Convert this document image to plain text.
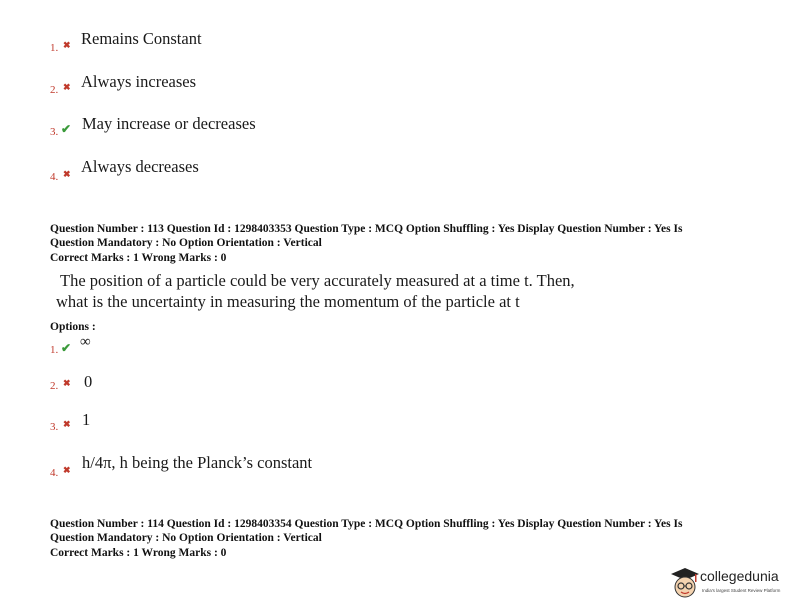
1. ✖ Remains Constant
2. ✖ Always increases
3. ✔ May increase or decreases
4. ✖ Always decreases
Question Number : 113 Question Id : 1298403353 Question Type : MCQ Option Shuffling : Yes Display Question Number : Yes Is
Question Mandatory : No Option Orientation : Vertical
Correct Marks : 1 Wrong Marks : 0
The position of a particle could be very accurately measured at a time t. Then,
what is the uncertainty in measuring the momentum of the particle at t
Options :
1. ✔ ∞
2. ✖ 0
3. ✖ 1
4. ✖ h/4π, h being the Planck’s constant
Question Number : 114 Question Id : 1298403354 Question Type : MCQ Option Shuffling : Yes Display Question Number : Yes Is
Question Mandatory : No Option Orientation : Vertical
Correct Marks : 1 Wrong Marks : 0
collegedunia
India's largest Student Review Platform
